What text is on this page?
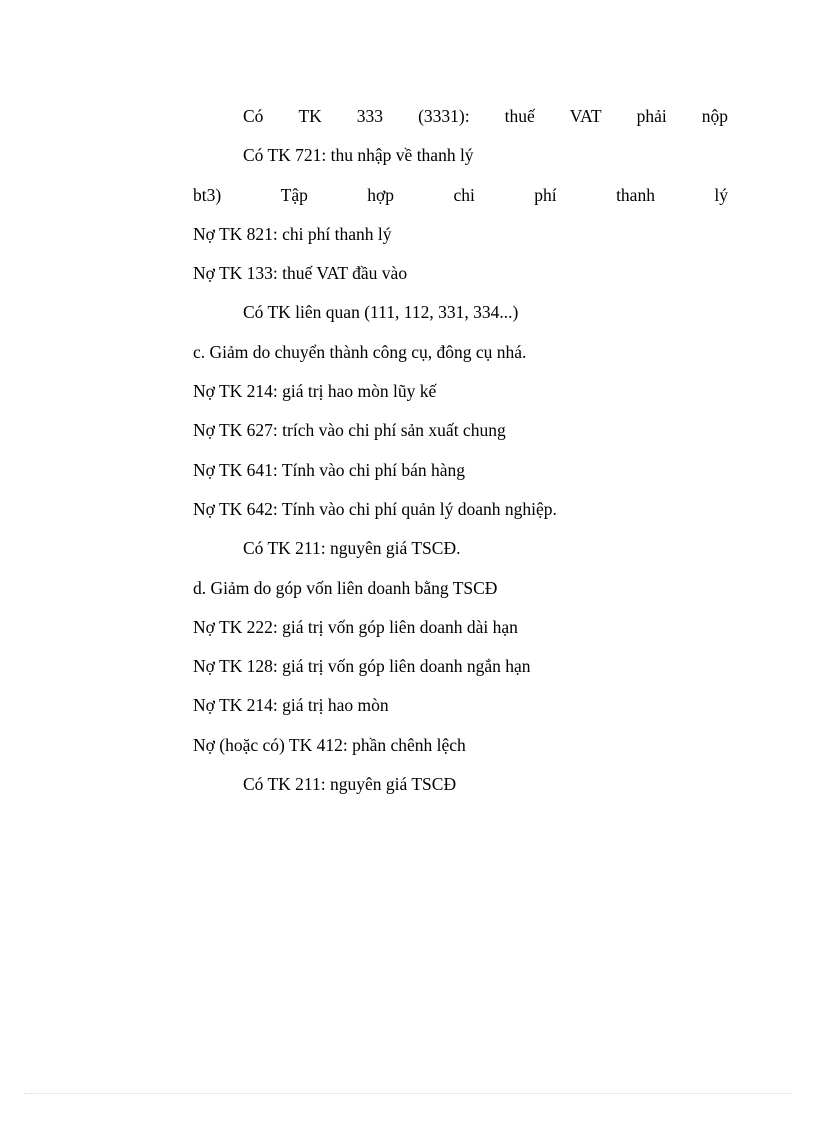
Có TK 333 (3331): thuế VAT phải nộp
Có TK 721: thu nhập về thanh lý
bt3)	Tập	hợp	chi	phí	thanh	lý
Nợ TK 821: chi phí thanh lý
Nợ TK 133: thuế VAT đầu vào
Có TK liên quan (111, 112, 331, 334...)
c. Giảm do chuyển thành công cụ, đông cụ nhá.
Nợ TK 214: giá trị hao mòn lũy kế
Nợ TK 627: trích vào chi phí sản xuất chung
Nợ TK 641: Tính vào chi phí bán hàng
Nợ TK 642: Tính vào chi phí quản lý doanh nghiệp.
Có TK 211: nguyên giá TSCĐ.
d. Giảm do góp vốn liên doanh bằng TSCĐ
Nợ TK 222: giá trị vốn góp liên doanh dài hạn
Nợ TK 128: giá trị vốn góp liên doanh ngắn hạn
Nợ TK 214: giá trị hao mòn
Nợ (hoặc có) TK 412: phần chênh lệch
Có TK 211: nguyên giá TSCĐ
